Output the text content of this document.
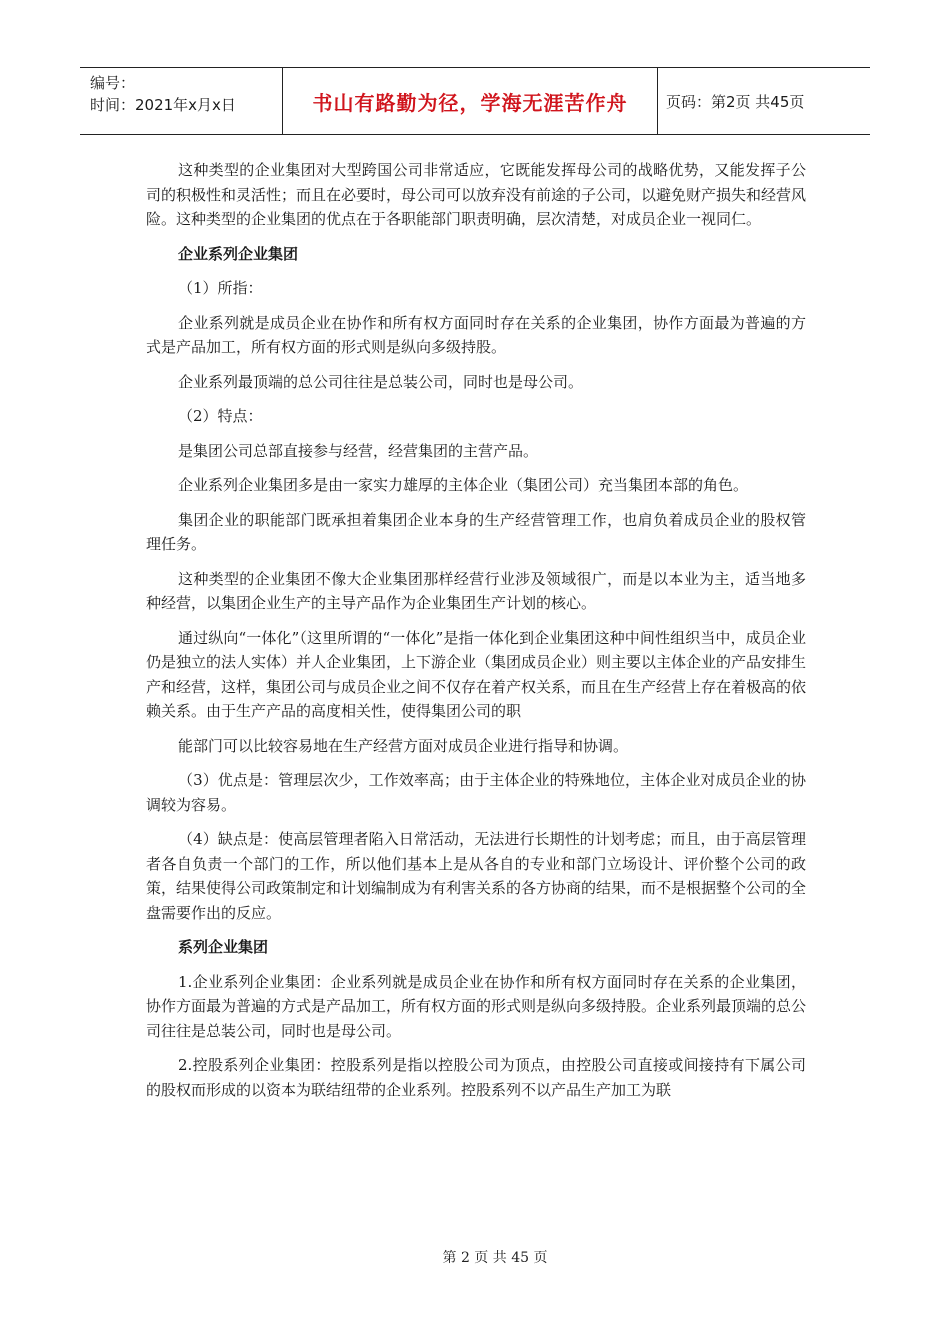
编号：
时间：2021年x月x日	书山有路勤为径，学海无涯苦作舟	页码：第2页 共45页

这种类型的企业集团对大型跨国公司非常适应，它既能发挥母公司的战略优势，又能发挥子公司的积极性和灵活性；而且在必要时，母公司可以放弃没有前途的子公司，以避免财产损失和经营风险。这种类型的企业集团的优点在于各职能部门职责明确，层次清楚，对成员企业一视同仁。

企业系列企业集团

（1）所指：

企业系列就是成员企业在协作和所有权方面同时存在关系的企业集团，协作方面最为普遍的方式是产品加工，所有权方面的形式则是纵向多级持股。

企业系列最顶端的总公司往往是总装公司，同时也是母公司。

（2）特点：

是集团公司总部直接参与经营，经营集团的主营产品。

企业系列企业集团多是由一家实力雄厚的主体企业（集团公司）充当集团本部的角色。

集团企业的职能部门既承担着集团企业本身的生产经营管理工作，也肩负着成员企业的股权管理任务。

这种类型的企业集团不像大企业集团那样经营行业涉及领域很广，而是以本业为主，适当地多种经营，以集团企业生产的主导产品作为企业集团生产计划的核心。

通过纵向“一体化”（这里所谓的“一体化”是指一体化到企业集团这种中间性组织当中，成员企业仍是独立的法人实体）并人企业集团，上下游企业（集团成员企业）则主要以主体企业的产品安排生产和经营，这样，集团公司与成员企业之间不仅存在着产权关系，而且在生产经营上存在着极高的依赖关系。由于生产产品的高度相关性，使得集团公司的职

能部门可以比较容易地在生产经营方面对成员企业进行指导和协调。

（3）优点是：管理层次少，工作效率高；由于主体企业的特殊地位，主体企业对成员企业的协调较为容易。

（4）缺点是：使高层管理者陷入日常活动，无法进行长期性的计划考虑；而且，由于高层管理者各自负责一个部门的工作，所以他们基本上是从各自的专业和部门立场设计、评价整个公司的政策，结果使得公司政策制定和计划编制成为有利害关系的各方协商的结果，而不是根据整个公司的全盘需要作出的反应。

系列企业集团

1.企业系列企业集团：企业系列就是成员企业在协作和所有权方面同时存在关系的企业集团，协作方面最为普遍的方式是产品加工，所有权方面的形式则是纵向多级持股。企业系列最顶端的总公司往往是总装公司，同时也是母公司。

2.控股系列企业集团：控股系列是指以控股公司为顶点，由控股公司直接或间接持有下属公司的股权而形成的以资本为联结纽带的企业系列。控股系列不以产品生产加工为联

第 2 页 共 45 页
